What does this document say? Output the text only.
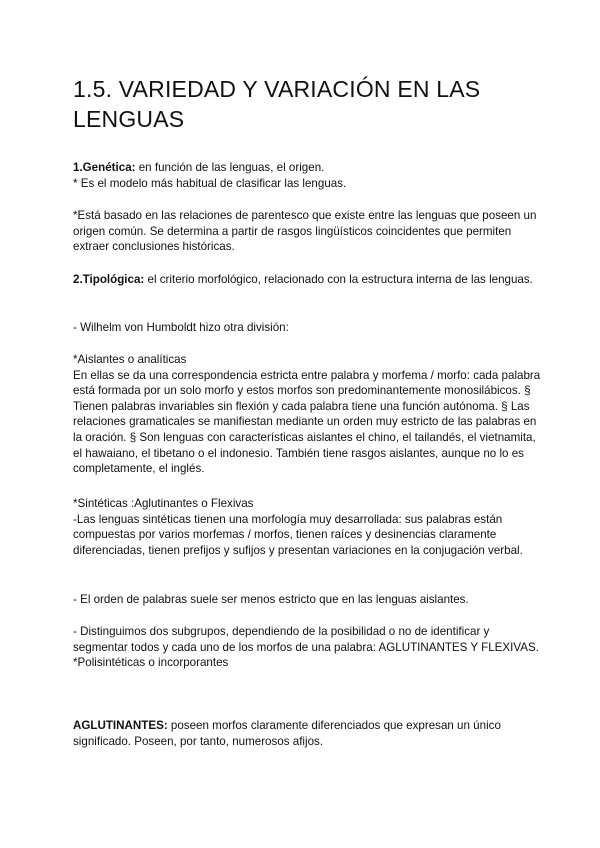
1.5. VARIEDAD Y VARIACIÓN EN LAS LENGUAS

1.Genética: en función de las lenguas, el origen.

* Es el modelo más habitual de clasificar las lenguas.

*Está basado en las relaciones de parentesco que existe entre las lenguas que poseen un origen común. Se determina a partir de rasgos lingüísticos coincidentes que permiten extraer conclusiones históricas.

2.Tipológica: el criterio morfológico, relacionado con la estructura interna de las lenguas.

- Wilhelm von Humboldt hizo otra división:

*Aislantes o analíticas

En ellas se da una correspondencia estricta entre palabra y morfema / morfo: cada palabra está formada por un solo morfo y estos morfos son predominantemente monosilábicos. § Tienen palabras invariables sin flexión y cada palabra tiene una función autónoma. § Las relaciones gramaticales se manifiestan mediante un orden muy estricto de las palabras en la oración. § Son lenguas con características aislantes el chino, el tailandés, el vietnamita, el hawaiano, el tibetano o el indonesio. También tiene rasgos aislantes, aunque no lo es completamente, el inglés.

*Sintéticas :Aglutinantes o Flexivas

-Las lenguas sintéticas tienen una morfología muy desarrollada: sus palabras están compuestas por varios morfemas / morfos, tienen raíces y desinencias claramente diferenciadas, tienen prefijos y sufijos y presentan variaciones en la conjugación verbal.

- El orden de palabras suele ser menos estricto que en las lenguas aislantes.

- Distinguimos dos subgrupos, dependiendo de la posibilidad o no de identificar y segmentar todos y cada uno de los morfos de una palabra: AGLUTINANTES Y FLEXIVAS.

*Polisintéticas o incorporantes

AGLUTINANTES: poseen morfos claramente diferenciados que expresan un único significado. Poseen, por tanto, numerosos afijos.
